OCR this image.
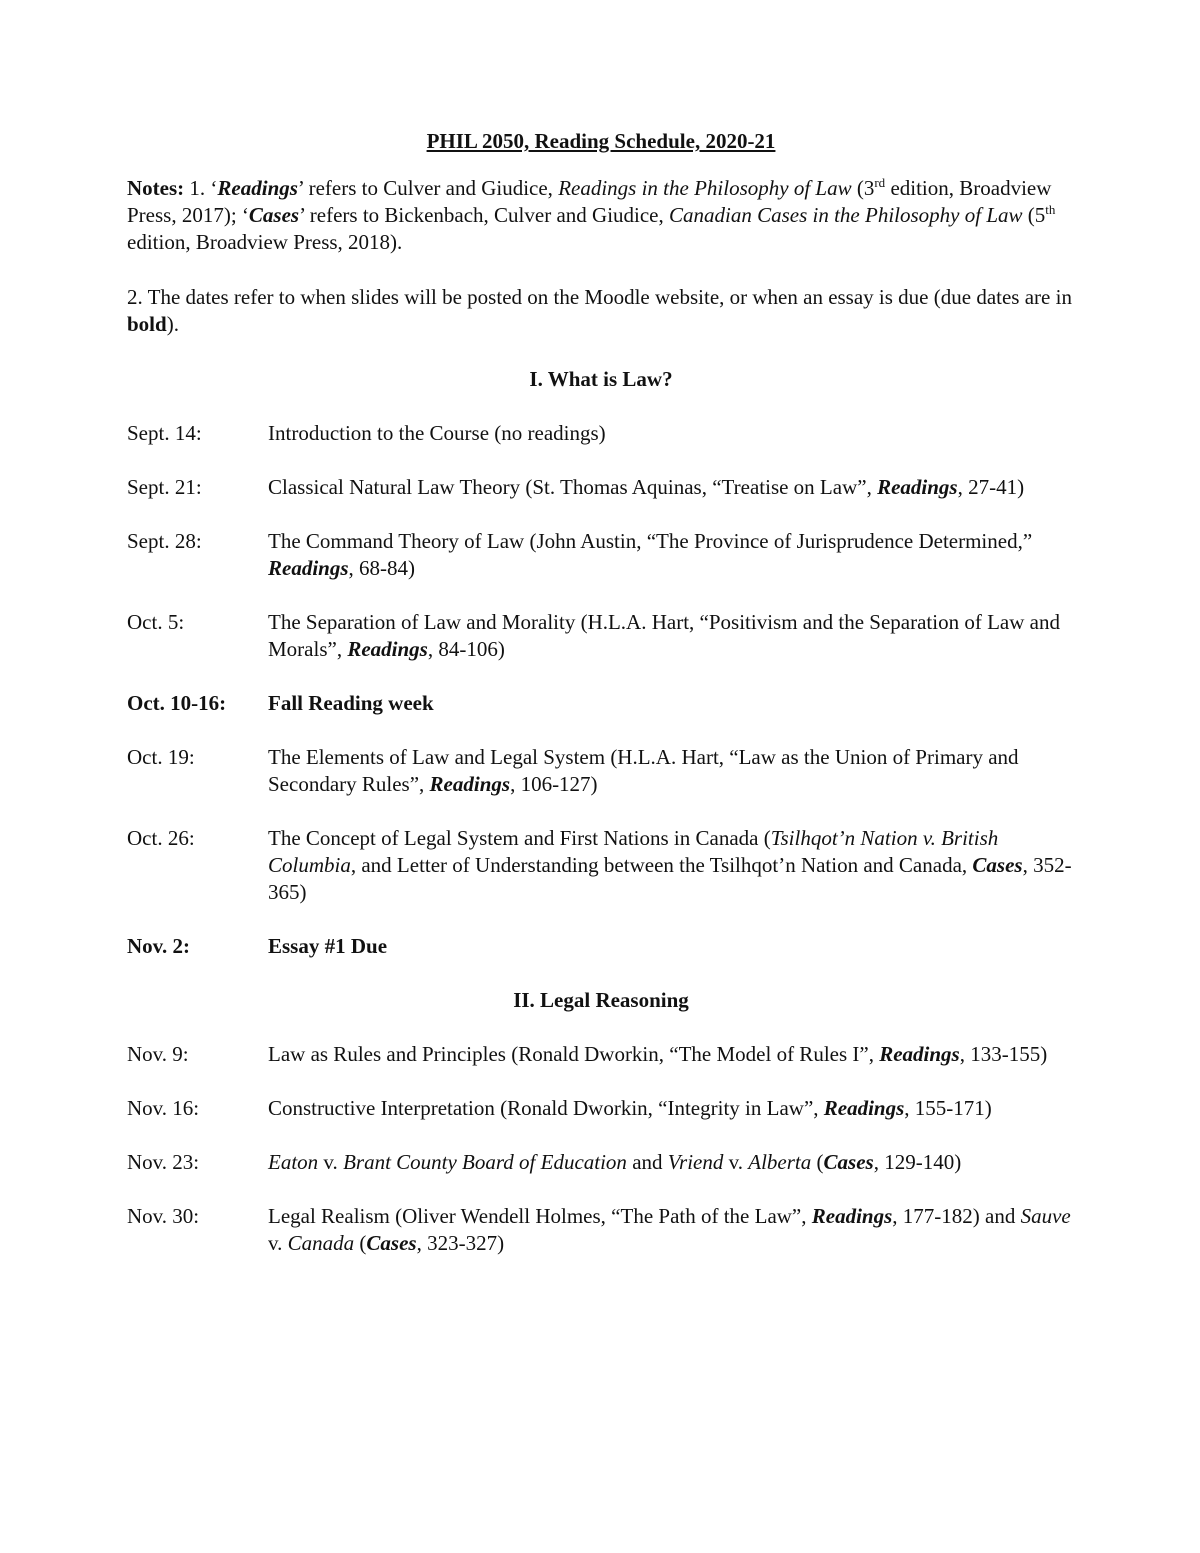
PHIL 2050, Reading Schedule, 2020-21

Notes: 1. ‘Readings’ refers to Culver and Giudice, Readings in the Philosophy of Law (3rd edition, Broadview Press, 2017); ‘Cases’ refers to Bickenbach, Culver and Giudice, Canadian Cases in the Philosophy of Law (5th edition, Broadview Press, 2018).

2. The dates refer to when slides will be posted on the Moodle website, or when an essay is due (due dates are in bold).

I. What is Law?

Sept. 14:	Introduction to the Course (no readings)
Sept. 21:	Classical Natural Law Theory (St. Thomas Aquinas, “Treatise on Law”, Readings, 27-41)
Sept. 28:	The Command Theory of Law (John Austin, “The Province of Jurisprudence Determined,” Readings, 68-84)
Oct. 5:	The Separation of Law and Morality (H.L.A. Hart, “Positivism and the Separation of Law and Morals”, Readings, 84-106)
Oct. 10-16:	Fall Reading week
Oct. 19:	The Elements of Law and Legal System (H.L.A. Hart, “Law as the Union of Primary and Secondary Rules”, Readings, 106-127)
Oct. 26:	The Concept of Legal System and First Nations in Canada (Tsilhqot’n Nation v. British Columbia, and Letter of Understanding between the Tsilhqot’n Nation and Canada, Cases, 352-365)
Nov. 2:	Essay #1 Due

II. Legal Reasoning

Nov. 9:	Law as Rules and Principles (Ronald Dworkin, “The Model of Rules I”, Readings, 133-155)
Nov. 16:	Constructive Interpretation (Ronald Dworkin, “Integrity in Law”, Readings, 155-171)
Nov. 23:	Eaton v. Brant County Board of Education and Vriend v. Alberta (Cases, 129-140)
Nov. 30:	Legal Realism (Oliver Wendell Holmes, “The Path of the Law”, Readings, 177-182) and Sauve v. Canada (Cases, 323-327)
